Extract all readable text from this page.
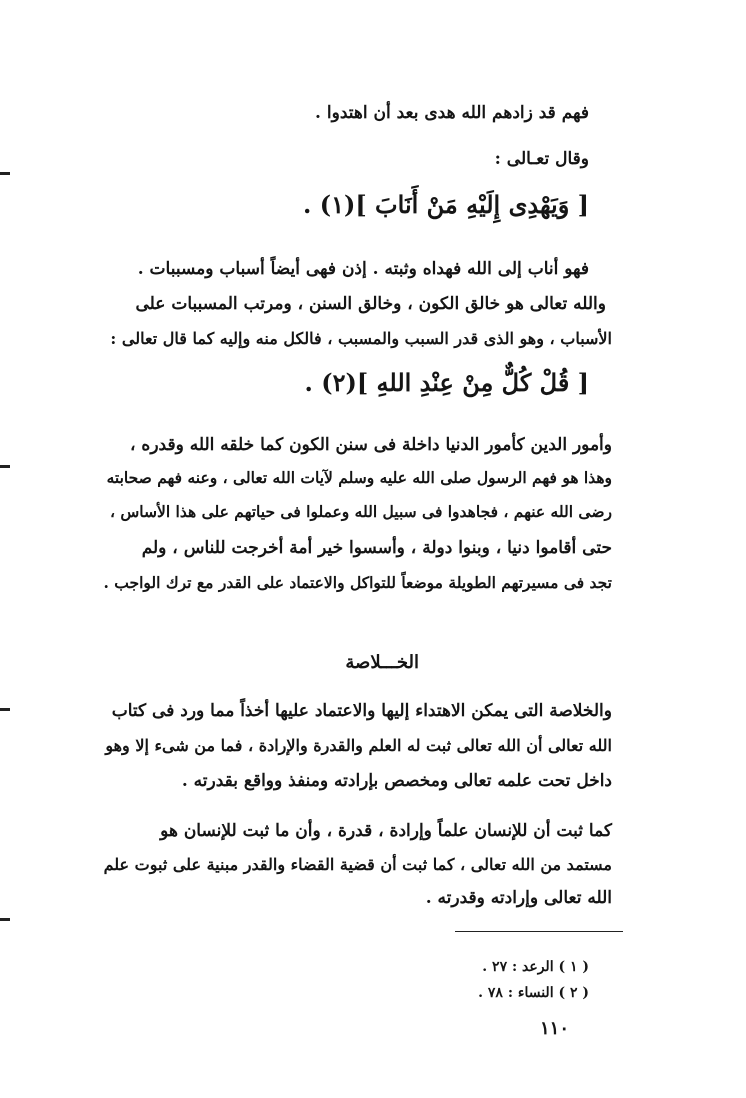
فهم قد زادهم الله هدى بعد أن اهتدوا .
وقال تعـالى :
[ وَيَهْدِى إِلَيْهِ مَنْ أَنَابَ ](١) .
فهو أناب إلى الله فهداه وثبته . إذن فهى أيضاً أسباب ومسببات .
والله تعالى هو خالق الكون ، وخالق السنن ، ومرتب المسببات على
الأسباب ، وهو الذى قدر السبب والمسبب ، فالكل منه وإليه كما قال تعالى :
[ قُلْ كُلٌّ مِنْ عِنْدِ اللهِ ](٢) .
وأمور الدين كأمور الدنيا داخلة فى سنن الكون كما خلقه الله وقدره ،
وهذا هو فهم الرسول صلى الله عليه وسلم لآيات الله تعالى ، وعنه فهم صحابته
رضى الله عنهم ، فجاهدوا فى سبيل الله وعملوا فى حياتهم على هذا الأساس ،
حتى أقاموا دنيا ، وبنوا دولة ، وأسسوا خير أمة أخرجت للناس ، ولم
تجد فى مسيرتهم الطويلة موضعاً للتواكل والاعتماد على القدر مع ترك الواجب .
الخـــلاصة
والخلاصة التى يمكن الاهتداء إليها والاعتماد عليها أخذاً مما ورد فى كتاب
الله تعالى أن الله تعالى ثبت له العلم والقدرة والإرادة ، فما من شىء إلا وهو
داخل تحت علمه تعالى ومخصص بإرادته ومنفذ وواقع بقدرته .
كما ثبت أن للإنسان علماً وإرادة ، قدرة ، وأن ما ثبت للإنسان هو
مستمد من الله تعالى ، كما ثبت أن قضية القضاء والقدر مبنية على ثبوت علم
الله تعالى وإرادته وقدرته .
( ١ ) الرعد : ٢٧ .
( ٢ ) النساء : ٧٨ .
١١٠
